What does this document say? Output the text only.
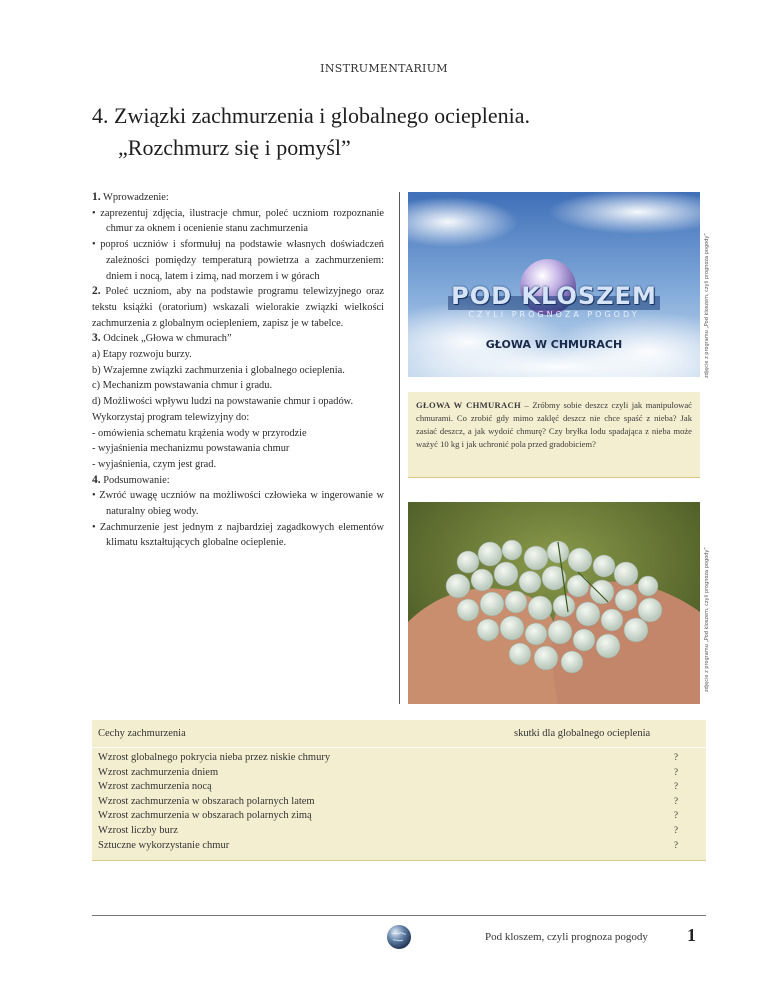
INSTRUMENTARIUM
4. Związki zachmurzenia i globalnego ocieplenia.
„Rozchmurz się i pomyśl”

1. Wprowadzenie:

• zaprezentuj zdjęcia, ilustracje chmur, poleć uczniom rozpoznanie chmur za oknem i ocenienie stanu zachmurzenia

• poproś uczniów i sformułuj na podstawie własnych doświadczeń zależności pomiędzy temperaturą powietrza a zachmurzeniem: dniem i nocą, latem i zimą, nad morzem i w górach

2. Poleć uczniom, aby na podstawie programu telewizyjnego oraz tekstu książki (oratorium) wskazali wielorakie związki wielkości zachmurzenia z globalnym ociepleniem, zapisz je w tabelce.

3. Odcinek „Głowa w chmurach”

a) Etapy rozwoju burzy.

b) Wzajemne związki zachmurzenia i globalnego ocieplenia.

c) Mechanizm powstawania chmur i gradu.

d) Możliwości wpływu ludzi na powstawanie chmur i opadów.

Wykorzystaj program telewizyjny do:

- omówienia schematu krążenia wody w przyrodzie

- wyjaśnienia mechanizmu powstawania chmur

- wyjaśnienia, czym jest grad.

4. Podsumowanie:

• Zwróć uwagę uczniów na możliwości człowieka w ingerowanie w naturalny obieg wody.

• Zachmurzenie jest jednym z najbardziej zagadkowych elementów klimatu kształtujących globalne ocieplenie.

POD KLOSZEM
CZYLI PROGNOZA POGODY
GŁOWA W CHMURACH	zdjęcie z programu „Pod kloszem, czyli prognoza pogody”
GŁOWA W CHMURACH – Zróbmy sobie deszcz czyli jak manipulować chmurami. Co zrobić gdy mimo zaklęć deszcz nie chce spaść z nieba? Jak zasiać deszcz, a jak wydoić chmurę? Czy bryłka lodu spadająca z nieba może ważyć 10 kg i jak uchronić pola przed gradobiciem?
zdjęcie z programu „Pod kloszem, czyli prognoza pogody”
Cechy zachmurzenia	skutki dla globalnego ocieplenia
Wzrost globalnego pokrycia nieba przez niskie chmury	?
Wzrost zachmurzenia dniem	?
Wzrost zachmurzenia nocą	?
Wzrost zachmurzenia w obszarach polarnych latem	?
Wzrost zachmurzenia w obszarach polarnych zimą	?
Wzrost liczby burz	?
Sztuczne wykorzystanie chmur	?
Pod kloszem, czyli prognoza pogody 1
